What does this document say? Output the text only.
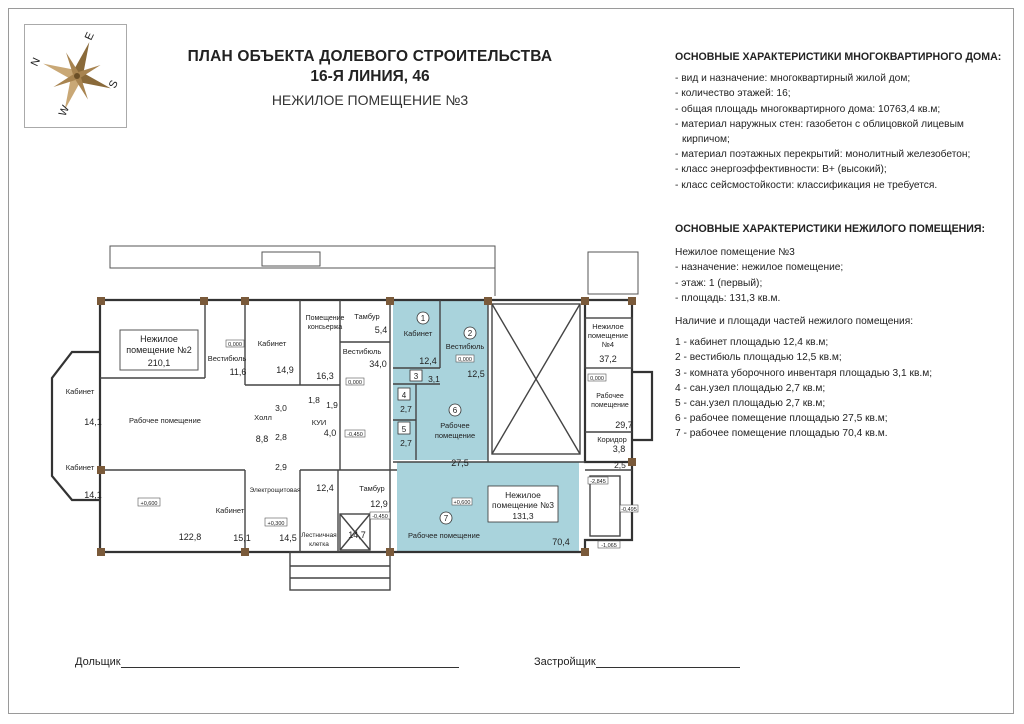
N
E
S
W
ПЛАН ОБЪЕКТА ДОЛЕВОГО СТРОИТЕЛЬСТВА
16-Я ЛИНИЯ, 46
НЕЖИЛОЕ ПОМЕЩЕНИЕ №3
ОСНОВНЫЕ ХАРАКТЕРИСТИКИ МНОГОКВАРТИРНОГО ДОМА:
- вид и назначение: многоквартирный жилой дом;
- количество этажей: 16;
- общая площадь многоквартирного дома: 10763,4 кв.м;
- материал наружных стен: газобетон с облицовкой лицевым
кирпичом;
- материал поэтажных перекрытий: монолитный железобетон;
- класс энергоэффективности: В+ (высокий);
- класс сейсмостойкости: классификация не требуется.
ОСНОВНЫЕ ХАРАКТЕРИСТИКИ НЕЖИЛОГО ПОМЕЩЕНИЯ:
Нежилое помещение №3
- назначение: нежилое помещение;
- этаж: 1 (первый);
- площадь: 131,3 кв.м.
Наличие и площади частей нежилого помещения:
1 - кабинет площадью 12,4 кв.м;
2 - вестибюль площадью 12,5 кв.м;
3 - комната уборочного инвентаря площадью 3,1 кв.м;
4 - сан.узел площадью 2,7 кв.м;
5 - сан.узел площадью 2,7 кв.м;
6 - рабочее помещение площадью 27,5 кв.м;
7 - рабочее помещение площадью 70,4 кв.м.
Нежилое
помещение №2
210,1
Кабинет
14,1
Кабинет
14,1
Рабочее помещение
+0,600
122,8
0,000
Вестибюль
11,6
Кабинет
14,9
Помещение
консьержа
16,3
Тамбур
5,4
Вестибюль
34,0
0,000
Холл
8,8
3,0
1,8 1,9
2,8
2,9
КУИ
4,0 -0,450
Электрощитовая
Кабинет
15,1
+0,300
14,5
12,4	Тамбур
12,9
-0,450
Лестничная
клетка
14,7
1
Кабинет
12,4
2
Вестибюль
0,000
12,5
3 3,1
4
2,7
5
2,7
6
Рабочее
помещение
27,5
Нежилое
помещение №3
131,3
+0,600
7
Рабочее помещение
70,4
Нежилое
помещение
№4
37,2
0,000
Рабочее
помещение
29,7
Коридор
3,8
2,5
-2,845
-0,495
-1,065
Дольщик	Застройщик
